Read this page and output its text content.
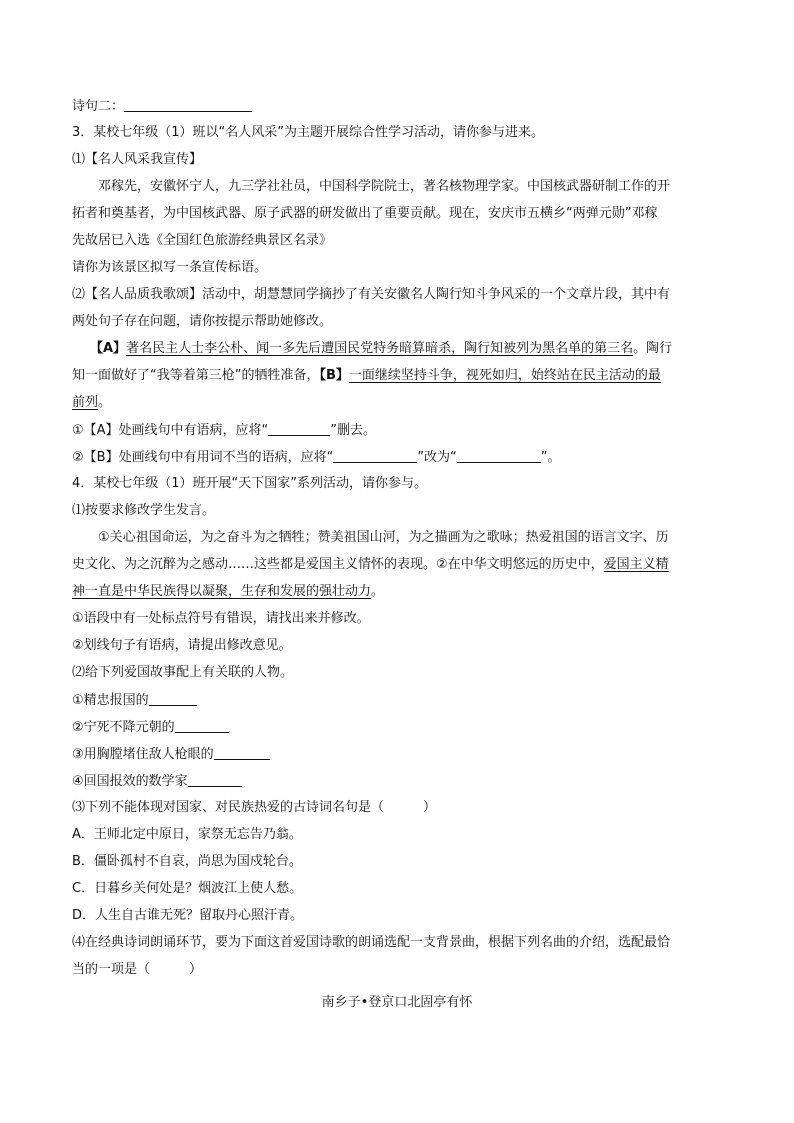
诗句二：
3．某校七年级（1）班以“名人风采”为主题开展综合性学习活动，请你参与进来。
⑴【名人风采我宣传】
邓稼先，安徽怀宁人，九三学社社员，中国科学院院士，著名核物理学家。中国核武器研制工作的开
拓者和奠基者，为中国核武器、原子武器的研发做出了重要贡献。现在，安庆市五横乡“两弹元勋”邓稼
先故居已入选《全国红色旅游经典景区名录》
请你为该景区拟写一条宣传标语。
⑵【名人品质我歌颂】活动中，胡慧慧同学摘抄了有关安徽名人陶行知斗争风采的一个文章片段，其中有
两处句子存在问题，请你按提示帮助她修改。
【A】著名民主人士李公朴、闻一多先后遭国民党特务暗算暗杀，陶行知被列为黑名单的第三名。陶行
知一面做好了“我等着第三枪”的牺牲准备，【B】一面继续坚持斗争，视死如归，始终站在民主活动的最
前列。
①【A】处画线句中有语病，应将“	”删去。
②【B】处画线句中有用词不当的语病，应将“	”改为“	”。
4．某校七年级（1）班开展“天下国家”系列活动，请你参与。
⑴按要求修改学生发言。
①关心祖国命运，为之奋斗为之牺牲；赞美祖国山河，为之描画为之歌咏；热爱祖国的语言文字、历
史文化、为之沉醉为之感动……这些都是爱国主义情怀的表现。②在中华文明悠远的历史中，爱国主义精
神一直是中华民族得以凝聚，生存和发展的强壮动力。
①语段中有一处标点符号有错误，请找出来并修改。
②划线句子有语病，请提出修改意见。
⑵给下列爱国故事配上有关联的人物。
①精忠报国的
②宁死不降元朝的
③用胸膛堵住敌人枪眼的
④回国报效的数学家
⑶下列不能体现对国家、对民族热爱的古诗词名句是（　　　）
A．王师北定中原日，家祭无忘告乃翁。
B．僵卧孤村不自哀，尚思为国戍轮台。
C．日暮乡关何处是？烟波江上使人愁。
D．人生自古谁无死？留取丹心照汗青。
⑷在经典诗词朗诵环节，要为下面这首爱国诗歌的朗诵选配一支背景曲，根据下列名曲的介绍，选配最恰
当的一项是（　　　）
南乡子•登京口北固亭有怀
